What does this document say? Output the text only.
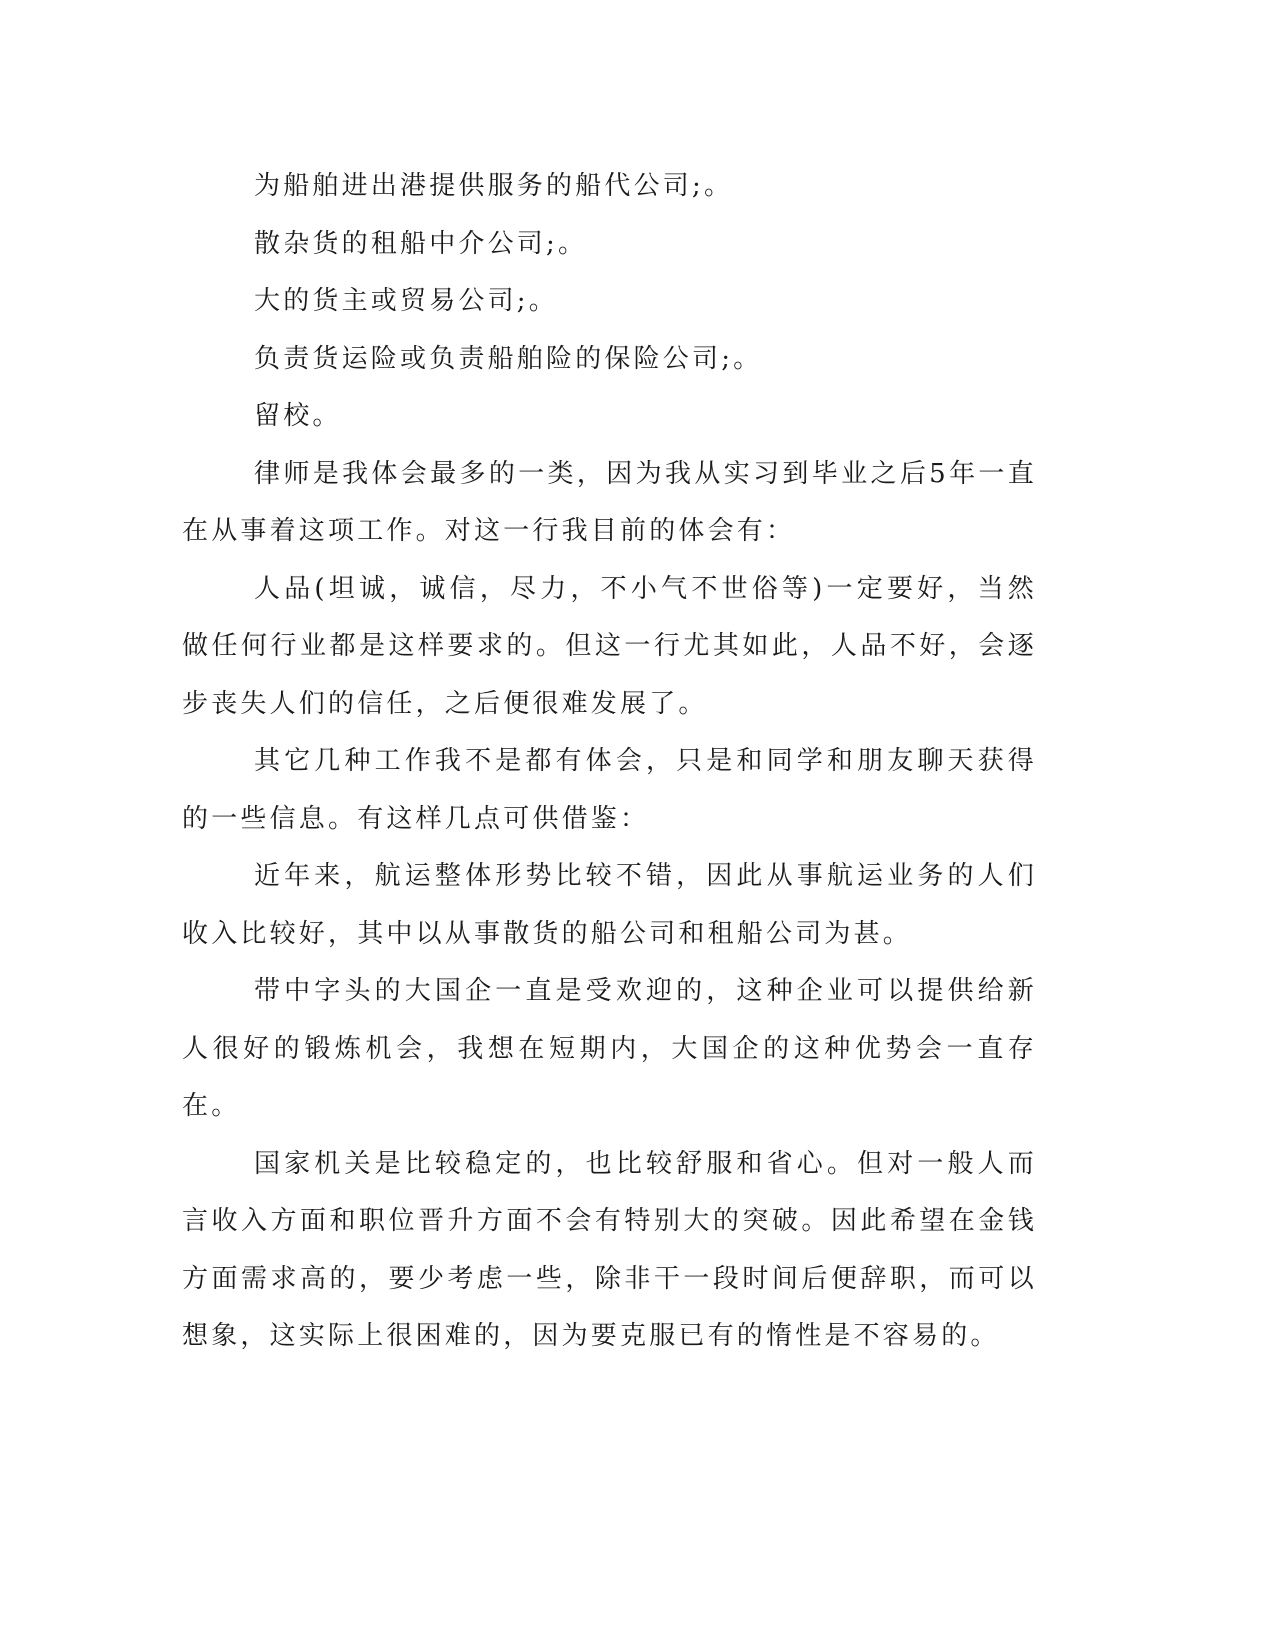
为船舶进出港提供服务的船代公司;。

散杂货的租船中介公司;。

大的货主或贸易公司;。

负责货运险或负责船舶险的保险公司;。

留校。

律师是我体会最多的一类，因为我从实习到毕业之后5年一直在从事着这项工作。对这一行我目前的体会有：

人品(坦诚，诚信，尽力，不小气不世俗等)一定要好，当然做任何行业都是这样要求的。但这一行尤其如此，人品不好，会逐步丧失人们的信任，之后便很难发展了。

其它几种工作我不是都有体会，只是和同学和朋友聊天获得的一些信息。有这样几点可供借鉴：

近年来，航运整体形势比较不错，因此从事航运业务的人们收入比较好，其中以从事散货的船公司和租船公司为甚。

带中字头的大国企一直是受欢迎的，这种企业可以提供给新人很好的锻炼机会，我想在短期内，大国企的这种优势会一直存在。

国家机关是比较稳定的，也比较舒服和省心。但对一般人而言收入方面和职位晋升方面不会有特别大的突破。因此希望在金钱方面需求高的，要少考虑一些，除非干一段时间后便辞职，而可以想象，这实际上很困难的，因为要克服已有的惰性是不容易的。
